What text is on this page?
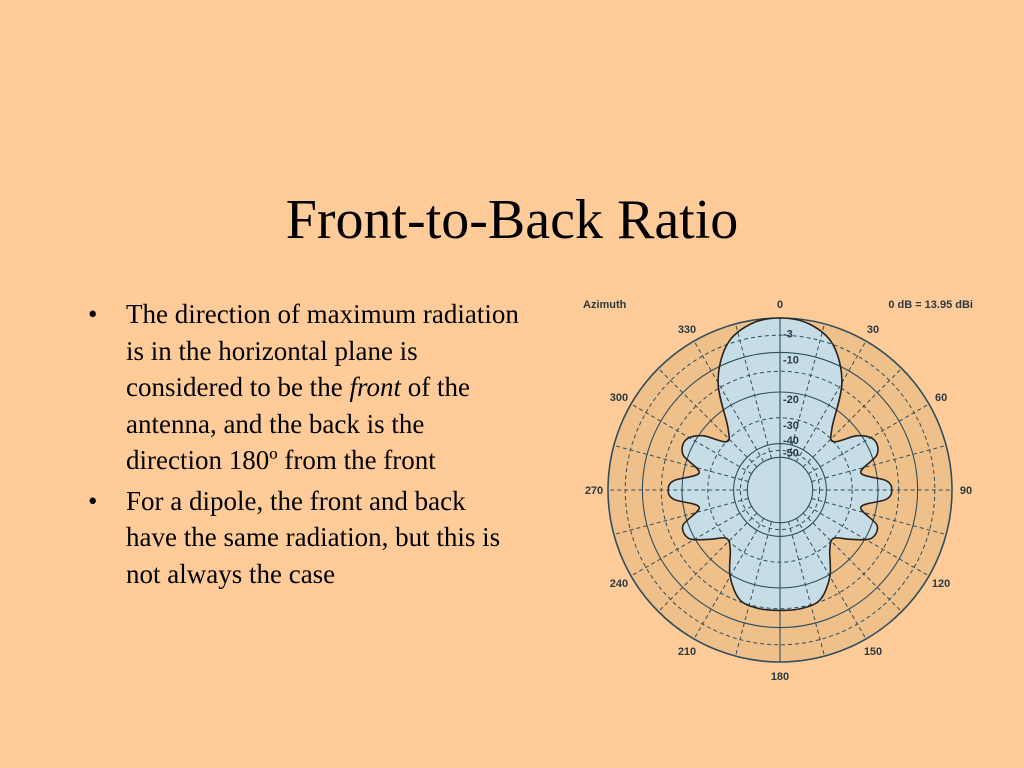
Front-to-Back Ratio
• The direction of maximum radiation is in the horizontal plane is considered to be the front of the antenna, and the back is the direction 180º from the front
• For a dipole, the front and back have the same radiation, but this is not always the case
Azimuth	0 dB = 13.95 dBi
-3
-10
-20
-30
-40
-50
0
30
60
90
120
150
180
210
240
270
300
330
